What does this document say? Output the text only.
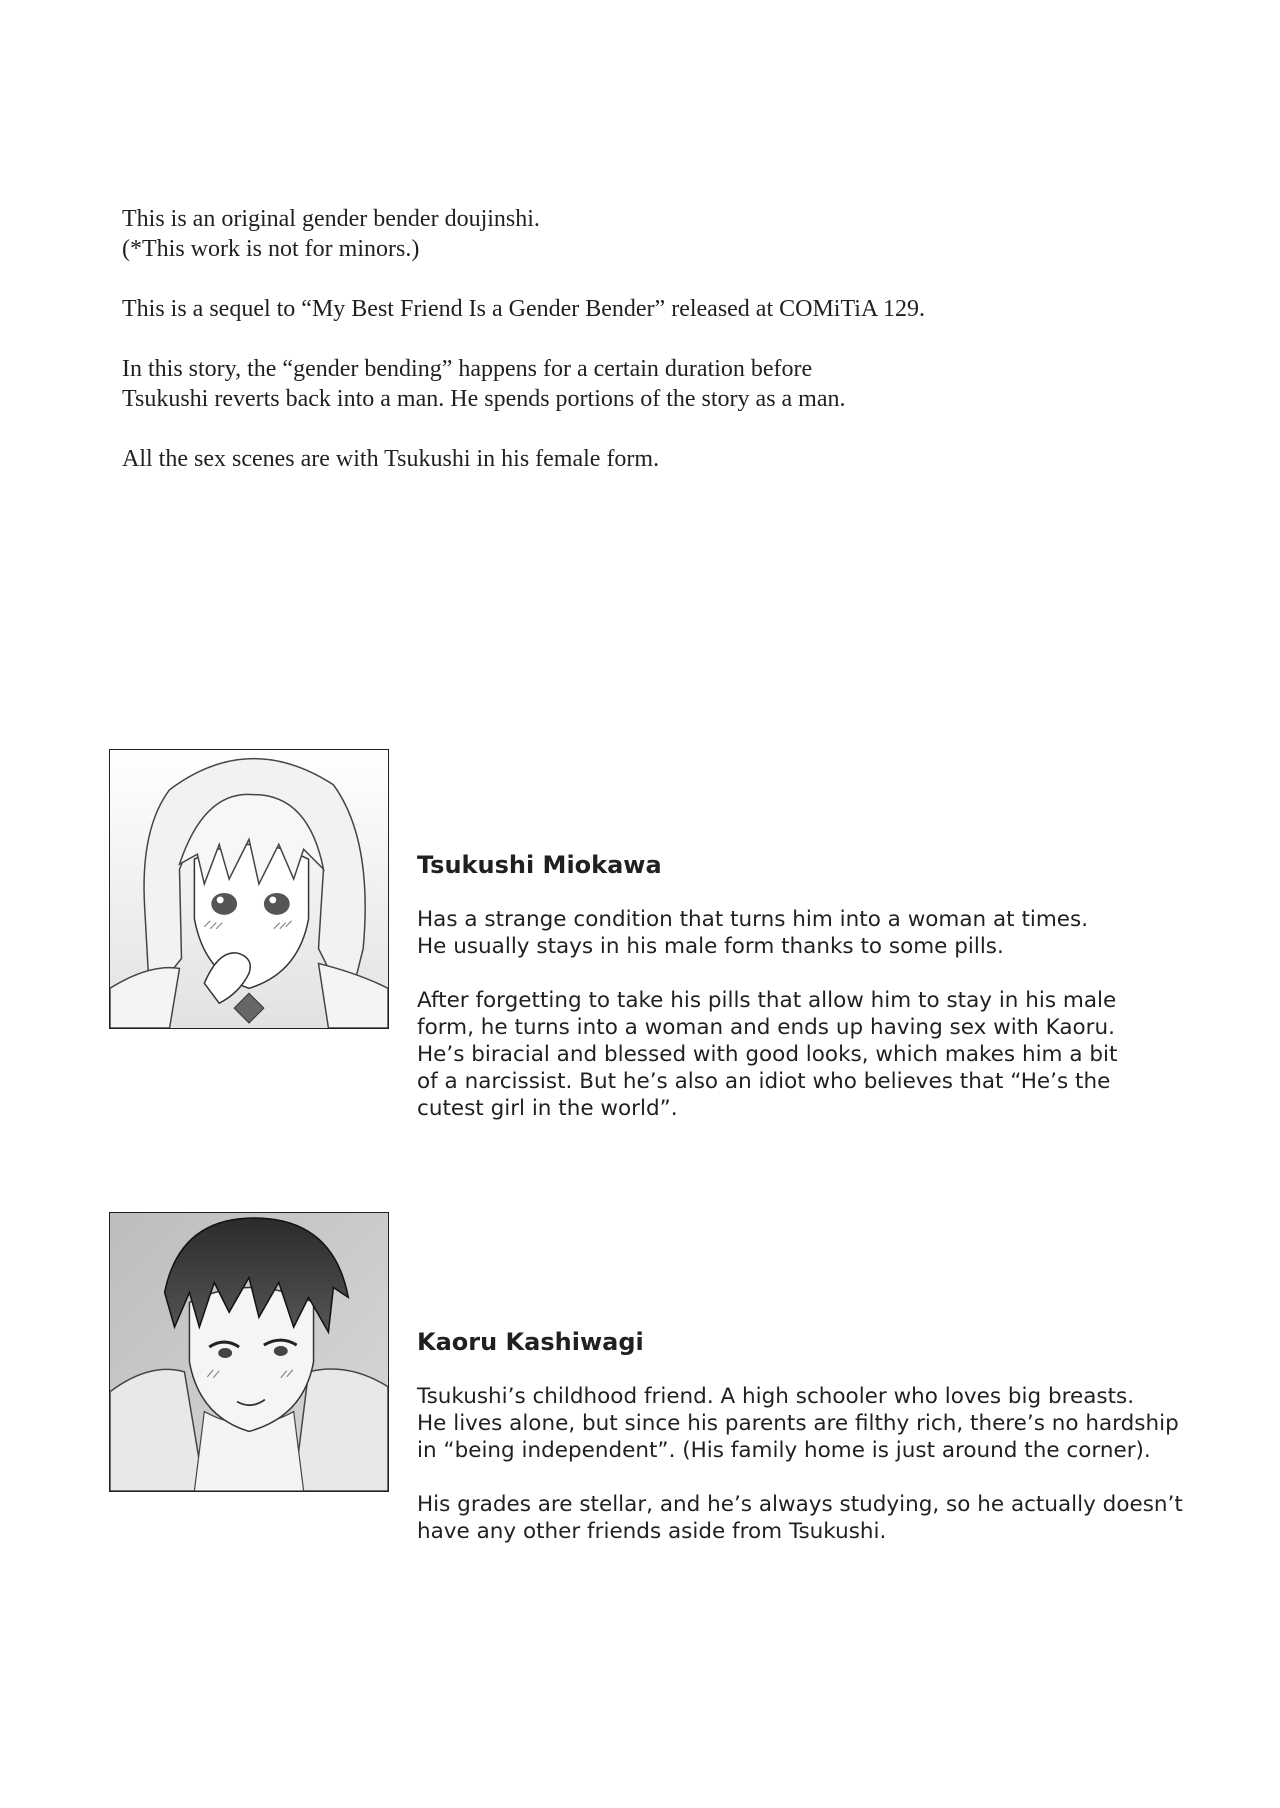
This is an original gender bender doujinshi.
(*This work is not for minors.)

This is a sequel to “My Best Friend Is a Gender Bender” released at COMiTiA 129.

In this story, the “gender bending” happens for a certain duration before
Tsukushi reverts back into a man. He spends portions of the story as a man.

All the sex scenes are with Tsukushi in his female form.

Tsukushi Miokawa

Has a strange condition that turns him into a woman at times.
He usually stays in his male form thanks to some pills.

After forgetting to take his pills that allow him to stay in his male
form, he turns into a woman and ends up having sex with Kaoru.
He’s biracial and blessed with good looks, which makes him a bit
of a narcissist. But he’s also an idiot who believes that “He’s the
cutest girl in the world”.

Kaoru Kashiwagi

Tsukushi’s childhood friend. A high schooler who loves big breasts.
He lives alone, but since his parents are filthy rich, there’s no hardship
in “being independent”. (His family home is just around the corner).

His grades are stellar, and he’s always studying, so he actually doesn’t
have any other friends aside from Tsukushi.
